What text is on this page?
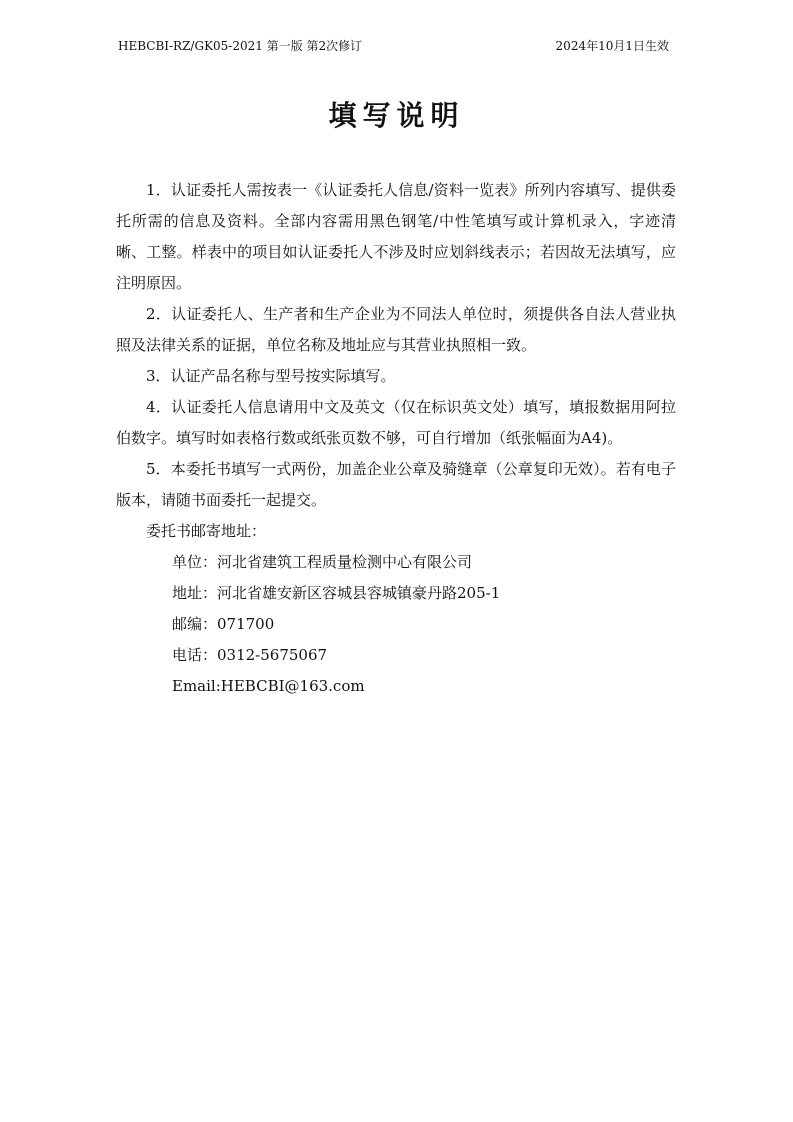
HEBCBI-RZ/GK05-2021 第一版 第2次修订	2024年10月1日生效
填写说明

1．认证委托人需按表一《认证委托人信息/资料一览表》所列内容填写、提供委托所需的信息及资料。全部内容需用黑色钢笔/中性笔填写或计算机录入，字迹清晰、工整。样表中的项目如认证委托人不涉及时应划斜线表示；若因故无法填写，应注明原因。

2．认证委托人、生产者和生产企业为不同法人单位时，须提供各自法人营业执照及法律关系的证据，单位名称及地址应与其营业执照相一致。

3．认证产品名称与型号按实际填写。

4．认证委托人信息请用中文及英文（仅在标识英文处）填写，填报数据用阿拉伯数字。填写时如表格行数或纸张页数不够，可自行增加（纸张幅面为A4)。

5．本委托书填写一式两份，加盖企业公章及骑缝章（公章复印无效）。若有电子版本，请随书面委托一起提交。

委托书邮寄地址：

单位：河北省建筑工程质量检测中心有限公司

地址：河北省雄安新区容城县容城镇豪丹路205-1

邮编：071700

电话：0312-5675067

Email:HEBCBI@163.com
